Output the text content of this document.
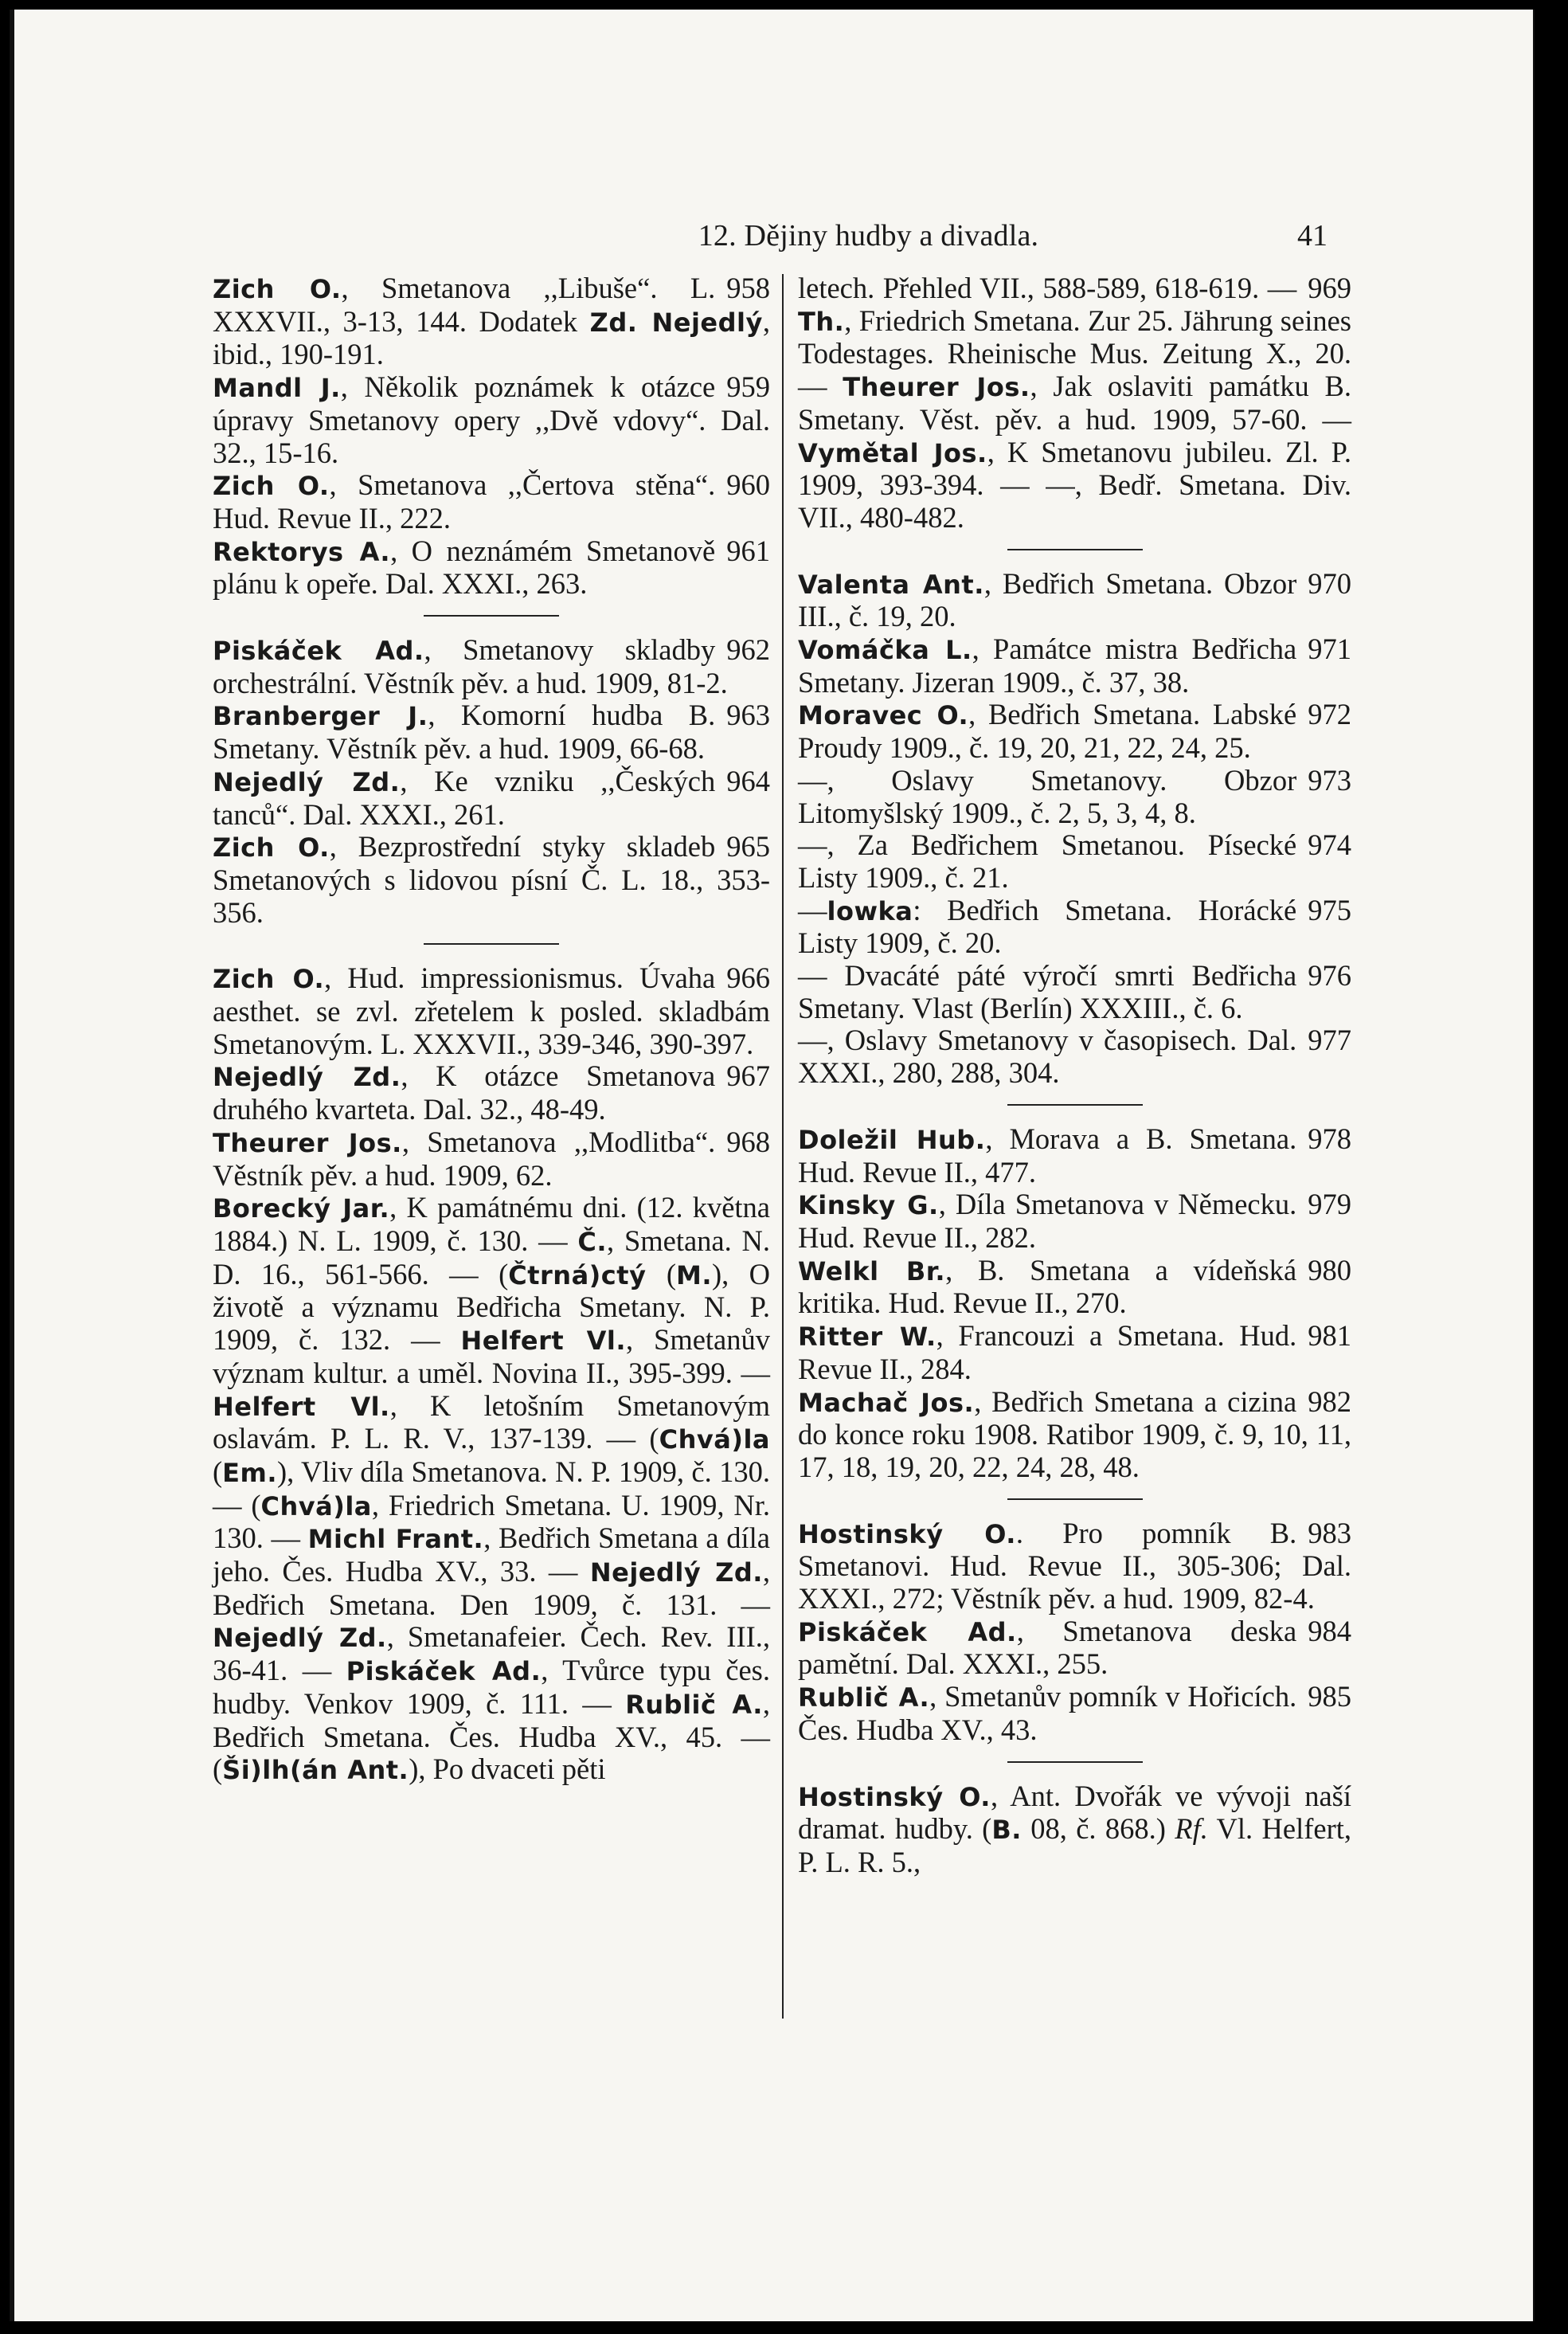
12. Dějiny hudby a divadla.	41

958
Zich O., Smetanova ,,Libuše“. L. XXXVII., 3-13, 144. Dodatek Zd. Nejedlý, ibid., 190-191.

959
Mandl J., Několik poznámek k otázce úpravy Smetanovy opery ,,Dvě vdovy“. Dal. 32., 15-16.

960
Zich O., Smetanova ,,Čertova stěna“. Hud. Revue II., 222.

961
Rektorys A., O neznámém Smetanově plánu k opeře. Dal. XXXI., 263.

962
Piskáček Ad., Smetanovy skladby orchestrální. Věstník pěv. a hud. 1909, 81-2.

963
Branberger J., Komorní hudba B. Smetany. Věstník pěv. a hud. 1909, 66-68.

964
Nejedlý Zd., Ke vzniku ,,Českých tanců“. Dal. XXXI., 261.

965
Zich O., Bezprostřední styky skladeb Smetanových s lidovou písní Č. L. 18., 353-356.

966
Zich O., Hud. impressionismus. Úvaha aesthet. se zvl. zřetelem k posled. skladbám Smetanovým. L. XXXVII., 339-346, 390-397.

967
Nejedlý Zd., K otázce Smetanova druhého kvarteta. Dal. 32., 48-49.

968
Theurer Jos., Smetanova ,,Modlitba“. Věstník pěv. a hud. 1909, 62.

Borecký Jar., K památnému dni. (12. května 1884.) N. L. 1909, č. 130. — Č., Smetana. N. D. 16., 561-566. — (Čtrná)ctý (M.), O životě a významu Bedřicha Smetany. N. P. 1909, č. 132. — Helfert Vl., Smetanův význam kultur. a uměl. Novina II., 395-399. — Helfert Vl., K letošním Smetanovým oslavám. P. L. R. V., 137-139. — (Chvá)la (Em.), Vliv díla Smetanova. N. P. 1909, č. 130. — (Chvá)la, Friedrich Smetana. U. 1909, Nr. 130. — Michl Frant., Bedřich Smetana a díla jeho. Čes. Hudba XV., 33. — Nejedlý Zd., Bedřich Smetana. Den 1909, č. 131. — Nejedlý Zd., Smetanafeier. Čech. Rev. III., 36-41. — Piskáček Ad., Tvůrce typu čes. hudby. Venkov 1909, č. 111. — Rublič A., Bedřich Smetana. Čes. Hudba XV., 45. — (Ši)lh(án Ant.), Po dvaceti pěti

969
letech. Přehled VII., 588-589, 618-619. — Th., Friedrich Smetana. Zur 25. Jährung seines Todestages. Rheinische Mus. Zeitung X., 20. — Theurer Jos., Jak oslaviti památku B. Smetany. Věst. pěv. a hud. 1909, 57-60. — Vymětal Jos., K Smetanovu jubileu. Zl. P. 1909, 393-394. — —, Bedř. Smetana. Div. VII., 480-482.

970
Valenta Ant., Bedřich Smetana. Obzor III., č. 19, 20.

971
Vomáčka L., Památce mistra Bedřicha Smetany. Jizeran 1909., č. 37, 38.

972
Moravec O., Bedřich Smetana. Labské Proudy 1909., č. 19, 20, 21, 22, 24, 25.

973
—, Oslavy Smetanovy. Obzor Litomyšlský 1909., č. 2, 5, 3, 4, 8.

974
—, Za Bedřichem Smetanou. Písecké Listy 1909., č. 21.

975
—lowka: Bedřich Smetana. Horácké Listy 1909, č. 20.

976
— Dvacáté páté výročí smrti Bedřicha Smetany. Vlast (Berlín) XXXIII., č. 6.

977
—, Oslavy Smetanovy v časopisech. Dal. XXXI., 280, 288, 304.

978
Doležil Hub., Morava a B. Smetana. Hud. Revue II., 477.

979
Kinsky G., Díla Smetanova v Německu. Hud. Revue II., 282.

980
Welkl Br., B. Smetana a vídeňská kritika. Hud. Revue II., 270.

981
Ritter W., Francouzi a Smetana. Hud. Revue II., 284.

982
Machač Jos., Bedřich Smetana a cizina do konce roku 1908. Ratibor 1909, č. 9, 10, 11, 17, 18, 19, 20, 22, 24, 28, 48.

983
Hostinský O.. Pro pomník B. Smetanovi. Hud. Revue II., 305-306; Dal. XXXI., 272; Věstník pěv. a hud. 1909, 82-4.

984
Piskáček Ad., Smetanova deska pamětní. Dal. XXXI., 255.

985
Rublič A., Smetanův pomník v Hořicích. Čes. Hudba XV., 43.

Hostinský O., Ant. Dvořák ve vývoji naší dramat. hudby. (B. 08, č. 868.) Rf. Vl. Helfert, P. L. R. 5.,
